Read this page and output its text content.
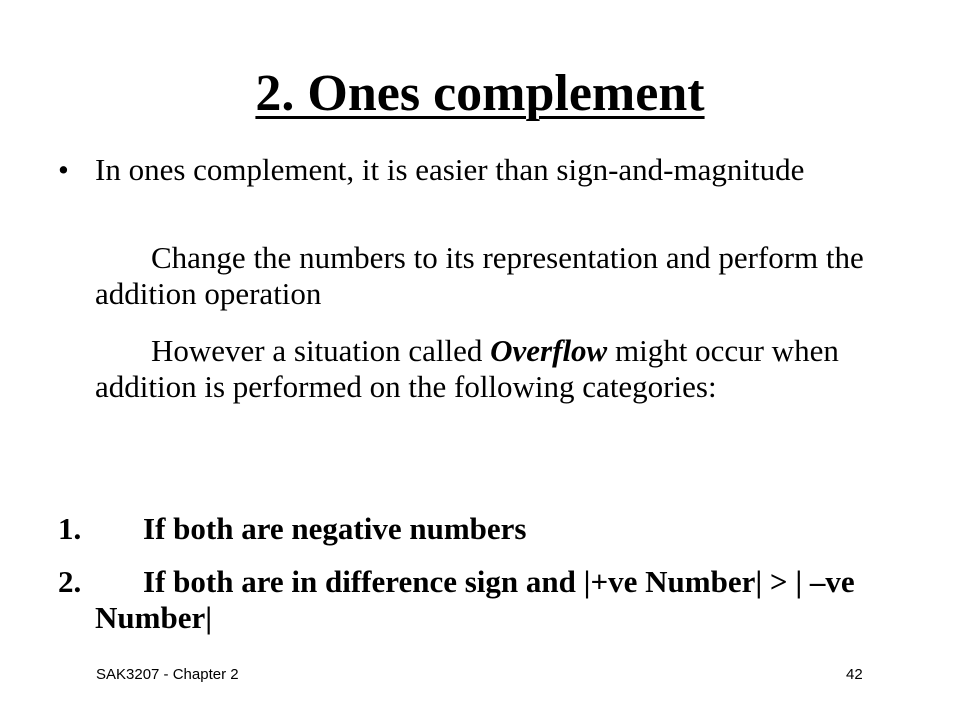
2. Ones complement
• In ones complement, it is easier than sign-and-magnitude
Change the numbers to its representation and perform the addition operation
However a situation called Overflow might occur when addition is performed on the following categories:
1.	If both are negative numbers
2.	If both are in difference sign and |+ve Number| > | –ve Number|
SAK3207 - Chapter 2	42
